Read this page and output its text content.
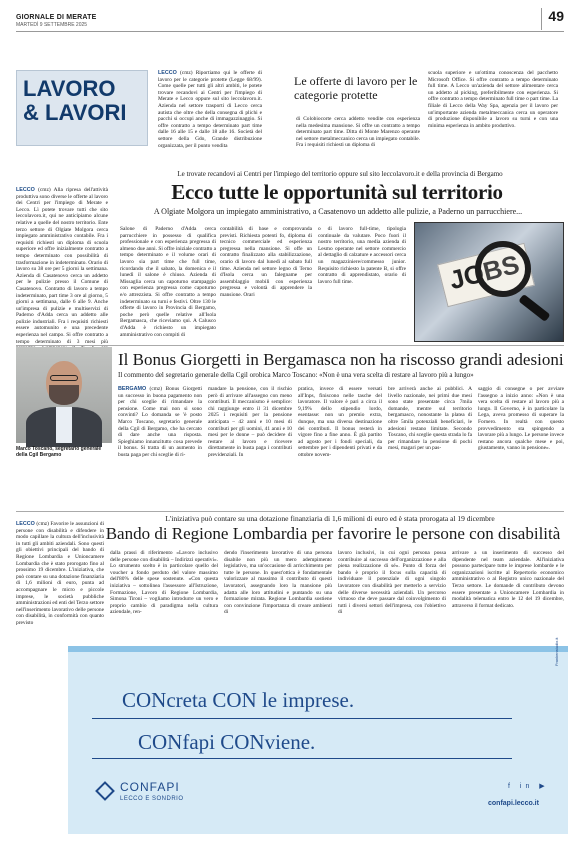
GIORNALE DI MERATE
MARTEDÌ 9 SETTEMBRE 2025
49
LAVORO
& LAVORI
LECCO (cmz) Riportiamo qui le offerte di lavoro per le categorie protette (Legge 68/99). Come quelle per tutti gli altri ambiti, le potete trovare recandovi ai Centri per l'impiego di Merate e Lecco oppure sul sito leccolavoro.it. Azienda nel settore trasporti di Lecco cerca autista che oltre che della consegna di plichi e pacchi si occupi anche di immagazzinaggio. Si offre contratto a tempo determinato part time dalle 16 alle 15 e dalle 18 alle 16. Società del settore della Gdo, Grande distribuzione organizzata, per il punto vendita
Le offerte di lavoro per le categorie protette
di Colobiocorte cerca addetto vendite con esperienza nella medesima mansione. Si offre un contratto a tempo determinato part time. Ditta di Monte Marenzo operante nel settore metalmeccanico cerca un impiegato contabile. Fra i requisiti richiesti un diploma di
scuola superiore e un'ottima conoscenza del pacchetto Microsoft Office. Si offre contratto a tempo determinato full time. A Lecco un'azienda del settore alimentare cerca un addetto al picking, preferibilmente con esperienza. Si offre contratto a tempo determinato full time o part time. La filiale di Lecco della Way Spa, agenzia per il lavoro per un'importante azienda metalmeccanica cerca un operatore di produzione disponibile a lavoro su turni e con una minima esperienza in ambito produttivo.
Le trovate recandovi ai Centri per l'impiego del territorio oppure sul sito leccolavoro.it e della provincia di Bergamo
Ecco tutte le opportunità sul territorio
A Olgiate Molgora un impiegato amministrativo, a Casatenovo un addetto alle pulizie, a Paderno un parrucchiere...
LECCO (cmz) Alla ripresa dell'attività produttiva sono diverse le offerte al lavoro dei Centri per l'impiego di Merate e Lecco. Lì potete trovare tutti che sito leccolavoro.it, qui ne anticipiamo alcune relative a quelle del nostro territorio. Ente terzo settore di Olgiate Molgora cerca impiegato amministrativo contabile. Fra i requisiti richiesti un diploma di scuola superiore ed offre inizialmente contratto a tempo determinato con possibilità di trasformazione in indeterminato. Orario di lavoro su 38 ore per 5 giorni la settimana. Azienda di Casatenovo cerca un addetto per le pulizie presso il Comune di Casatenovo. Contratto di lavoro a tempo indeterminato, part time 3 ore al giorno, 5 giorni a settimana, dalle 6 alle 9. Anche un'impresa di pulizie e multiservizi di Paderno d'Adda cerca un addetto alle pulizie industriali. Fra i requisiti richiesti essere automunito e una precedente esperienza nel campo. Si offre contratto a tempo determinato di 3 mesi più
Salone di Paderno d'Adda cerca parrucchiere in possesso di qualifica professionale e con esperienza pregressa di almeno due anni. Si offre iniziale contratto a tempo determinato e il volume orari di lavoro sia part time che full time, ricordando che il sabato, la domenica e il lunedì il salone è chiuso. Azienda di Missaglia cerca un capoturno stampaggio con esperienza pregressa come capoturno e/o attrezzista. Si offre contratto a tempo indeterminato su turni e festivi. Oltre 130 le offerte di lavoro in Provincia di Bergamo, poche però quelle relative all'Isola Bergamasca, che riceviamo qui. A Calusco d'Adda è richiesto un impiegato amministrativo con compiti di
contabilità di base e comprovanda previsti. Richiesta potenti fo, diploma di tecnico commerciale ed esperienza pregressa nella mansione. Si offe un contratto finalizzato alla stabilizzazione, orario di lavoro dal lunedì al sabato full time. Azienda nel settore legno di Terno d'Isola cerca un falegname per assemblaggio mobili con esperienza pregressa e volontà di apprendere la mansione. Orari
o di lavoro full-time, tipologia continuale da valutare. Poco fuori il nostro territorio, una media azienda di Lesmo operante nel settore commercio al dettaglio di calzature e accessori cerca un magazziniere/commesso junior. Requisito richiesto la patente B, si offre contratto di apprendistato, orario di lavoro full time.	JOBS
Marco Toscano, segretario generale della Cgil Bergamo
Il Bonus Giorgetti in Bergamasca non ha riscosso grandi adesioni
Il commento del segretario generale della Cgil orobica Marco Toscano: «Non è una vera scelta di restare al lavoro più a lungo»
BERGAMO (cmz) Bonus Giorgetti un successo in buona pagamento non per chi sceglie di rimandare la pensione. Come mai non si sono convinti? Lo domanda se 'è posto Marco Toscano, segretario generale della Cgil di Bergamo, che ha cercato di dare anche una risposta. Spieghiamo innanzitutto cosa prevede il bonus. Si tratta di un aumento in busta paga per chi sceglie di ri-
mandare la pensione, con il rischio però di arrivare all'assegno con meno contributi. Il meccanismo è semplice: chi raggiunge entro il 31 dicembre 2025 i requisiti per la pensione anticipata – 42 anni e 10 mesi di contributi per gli uomini, 41 anni e 10 mesi per le donne – può decidere di restare al lavoro e ricevere direttamente in busta paga i contributi previdenziali. In
pratica, invece di essere versati all'Inps, finiscono nelle tasche del lavoratore. Il valore è pari a circa il 9,19% dello stipendio lordo, esentasse: non un premio extra, dunque, ma una diversa destinazione dei contributi. Il bonus resterà in vigore fino a fine anno. È già partito ad agosto per i fondi speciali, da settembre per i dipendenti privati e da ottobre novem-
bre arriverà anche ai pubblici. A livello nazionale, nei primi due mesi sono state presentate circa 7mila domande, mentre sul territorio bergamasco, nonostante la platea di oltre 5mila potenziali beneficiari, le adesioni restano limitate. Secondo Toscano, chi sceglie questa strada lo fa per rimandare la pensione di pochi mesi, magari per un pas-
saggio di consegne o per avviare l'assegno a inizio anno: «Non è una vera scelta di restare al lavoro più a lungo. Il Governo, è in particolare la Lega, aveva promesso di superare la Fornero. In realtà con questo provvedimento sta spingendo a lavorare più a lungo. Le persone invece restano ancora qualche mese e poi, giustamente, vanno in pensione».
L'iniziativa può contare su una dotazione finanziaria di 1,6 milioni di euro ed è stata prorogata al 19 dicembre
Bando di Regione Lombardia per favorire le persone con disabilità
LECCO (cmz) Favorire le assunzioni di persone con disabilità e difendere in modo capillare la cultura dell'inclusività in tutti gli ambiti aziendali. Sono questi gli obiettivi principali del bando di Regione Lombardia e Unioncamere Lombardia che è stato prorogato fino al prossimo 19 dicembre. L'iniziativa, che può contare su una dotazione finanziaria di 1,6 milioni di euro, punta ad accompagnare le micro e piccole imprese, le società pubbliche amministrazioni ed enti del Terzo settore nell'inserimento lavorativo delle persone con disabilità, in conformità con quanto previsto
dalla prassi di riferimento «Lavoro inclusivo delle persone con disabilità – Indirizzi operativi». Lo strumento scelto è in particolare quello del voucher a fondo perduto del valore massimo dell'80% delle spese sostenute. «Con questa iniziativa – sottolinea l'assessore all'Istruzione, Formazione, Lavoro di Regione Lombardia, Simona Tironi – vogliamo introdurre un vero e proprio cambio di paradigma nella cultura aziendale, ren-
dendo l'inserimento lavorativo di una persona disabile non più un mero adempimento legislativo, ma un'occasione di arricchimento per tutte le persone. In quest'ottica è fondamentale valorizzare al massimo il contributo di questi lavoratori, assegnando loro la mansione più adatta alle loro attitudini e puntando su una formazione mirata. Regione Lombardia sostiene con convinzione l'importanza di creare ambienti di
lavoro inclusivi, in cui ogni persona possa contribuire al successo dell'organizzazione e alla piena realizzazione di sé». Punto di forza del bando è proprio il focus sulla capacità di individuare il potenziale di ogni singolo lavoratore con disabilità per metterlo a servizio delle diverse necessità aziendali. Un percorso virtuoso che deve passare dal coinvolgimento di tutti i diversi settori dell'impresa, con l'obiettivo di
arrivare a un inserimento di successo del dipendente nel team aziendale. All'iniziativa possono partecipare tutte le imprese lombarde e le organizzazioni iscritte al Repertorio economico amministrativo o al Registro unico nazionale del Terzo settore. Le domande di contributo devono essere presentate a Unioncamere Lombardia in modalità telematica entro le 12 del 19 dicembre, attraverso il format dedicato.
CONcreta CON le imprese.
CONfapi CONviene.
CONFAPI
LECCO E SONDRIO
f in ▶
confapi.lecco.it
Frankenstudio.it
